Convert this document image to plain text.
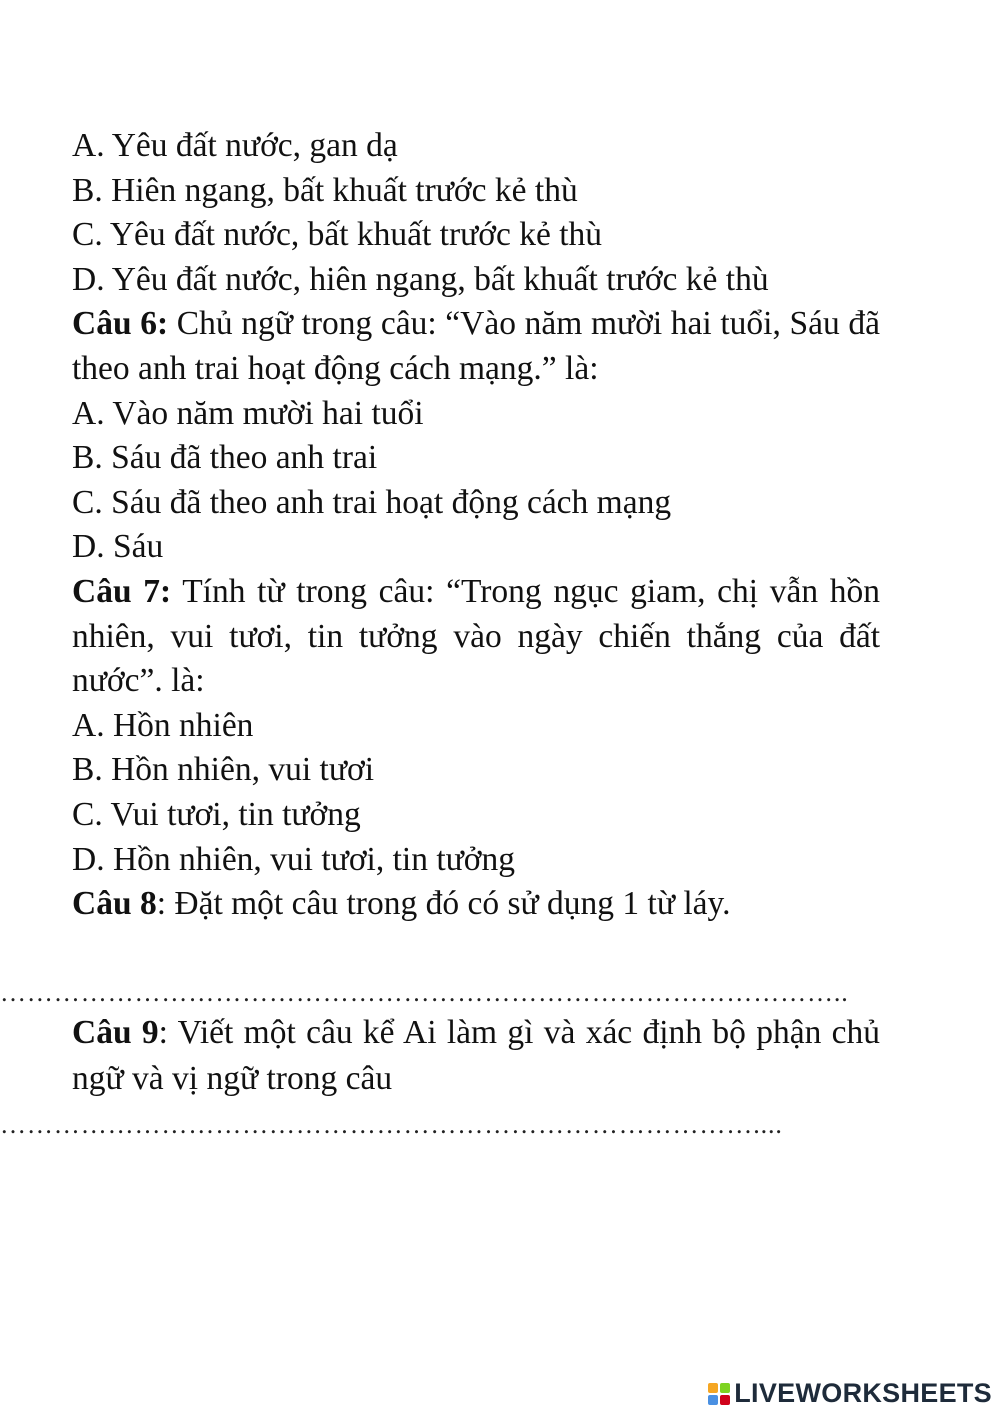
A. Yêu đất nước, gan dạ
B. Hiên ngang, bất khuất trước kẻ thù
C. Yêu đất nước, bất khuất trước kẻ thù
D. Yêu đất nước, hiên ngang, bất khuất trước kẻ thù
Câu 6: Chủ ngữ trong câu: “Vào năm mười hai tuổi, Sáu đã theo anh trai hoạt động cách mạng.” là:
A. Vào năm mười hai tuổi
B. Sáu đã theo anh trai
C. Sáu đã theo anh trai hoạt động cách mạng
D. Sáu
Câu 7: Tính từ trong câu: “Trong ngục giam, chị vẫn hồn nhiên, vui tươi, tin tưởng vào ngày chiến thắng của đất nước”. là:
A. Hồn nhiên
B. Hồn nhiên, vui tươi
C. Vui tươi, tin tưởng
D. Hồn nhiên, vui tươi, tin tưởng
Câu 8: Đặt một câu trong đó có sử dụng 1 từ láy.
…………………………………………………………………………………..
Câu 9: Viết một câu kể Ai làm gì và xác định bộ phận chủ ngữ và vị ngữ trong câu
…………………………………………………………………………....
LIVEWORKSHEETS
